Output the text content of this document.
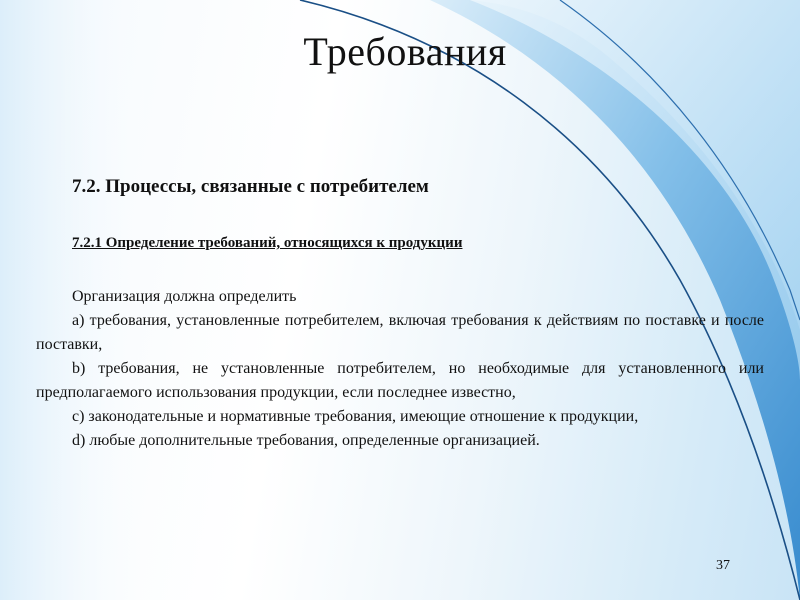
Требования
7.2. Процессы, связанные с потребителем
7.2.1 Определение требований, относящихся к продукции

Организация должна определить

a) требования, установленные потребителем, включая требования к действиям по поставке и после поставки,

b) требования, не установленные потребителем, но необходимые для установленного или предполагаемого использования продукции, если последнее известно,

c) законодательные и нормативные требования, имеющие отношение к продукции,

d) любые дополнительные требования, определенные организацией.

37
